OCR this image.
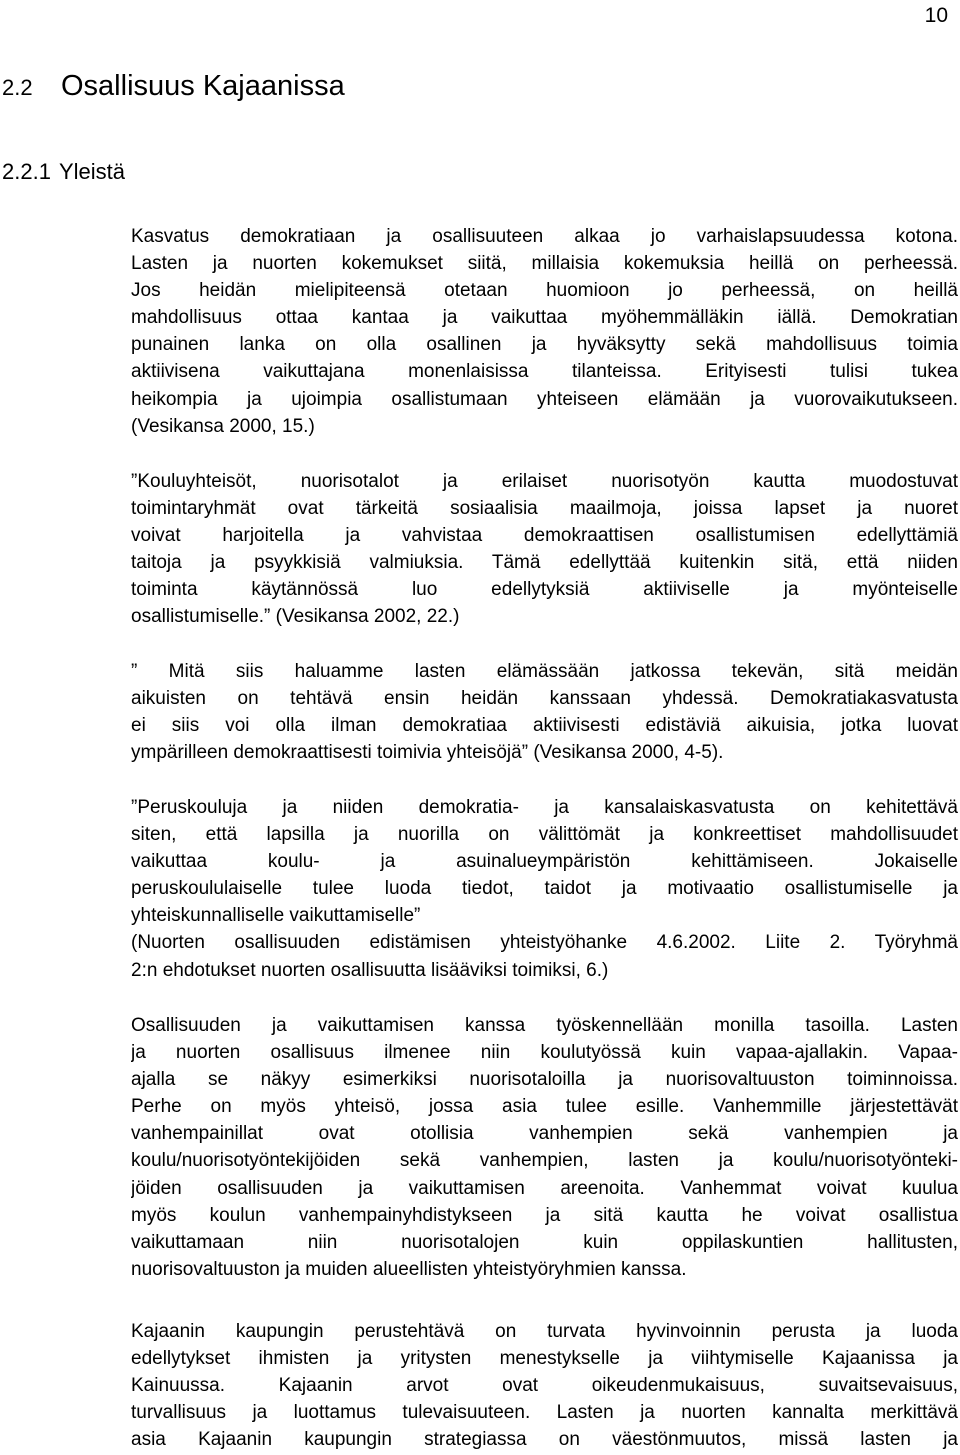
10
2.2 Osallisuus Kajaanissa
2.2.1 Yleistä
Kasvatus demokratiaan ja osallisuuteen alkaa jo varhaislapsuudessa kotona.
Lasten ja nuorten kokemukset siitä, millaisia kokemuksia heillä on perheessä.
Jos heidän mielipiteensä otetaan huomioon jo perheessä, on heillä
mahdollisuus ottaa kantaa ja vaikuttaa myöhemmälläkin iällä. Demokratian
punainen lanka on olla osallinen ja hyväksytty sekä mahdollisuus toimia
aktiivisena vaikuttajana monenlaisissa tilanteissa. Erityisesti tulisi tukea
heikompia ja ujoimpia osallistumaan yhteiseen elämään ja vuorovaikutukseen.
(Vesikansa 2000, 15.)
”Kouluyhteisöt, nuorisotalot ja erilaiset nuorisotyön kautta muodostuvat
toimintaryhmät ovat tärkeitä sosiaalisia maailmoja, joissa lapset ja nuoret
voivat harjoitella ja vahvistaa demokraattisen osallistumisen edellyttämiä
taitoja ja psyykkisiä valmiuksia. Tämä edellyttää kuitenkin sitä, että niiden
toiminta käytännössä luo edellytyksiä aktiiviselle ja myönteiselle
osallistumiselle.” (Vesikansa 2002, 22.)
” Mitä siis haluamme lasten elämässään jatkossa tekevän, sitä meidän
aikuisten on tehtävä ensin heidän kanssaan yhdessä. Demokratiakasvatusta
ei siis voi olla ilman demokratiaa aktiivisesti edistäviä aikuisia, jotka luovat
ympärilleen demokraattisesti toimivia yhteisöjä” (Vesikansa 2000, 4-5).
”Peruskouluja ja niiden demokratia- ja kansalaiskasvatusta on kehitettävä
siten, että lapsilla ja nuorilla on välittömät ja konkreettiset mahdollisuudet
vaikuttaa koulu- ja asuinalueympäristön kehittämiseen. Jokaiselle
peruskoululaiselle tulee luoda tiedot, taidot ja motivaatio osallistumiselle ja
yhteiskunnalliselle vaikuttamiselle”
(Nuorten osallisuuden edistämisen yhteistyöhanke 4.6.2002. Liite 2. Työryhmä
2:n ehdotukset nuorten osallisuutta lisääviksi toimiksi, 6.)
Osallisuuden ja vaikuttamisen kanssa työskennellään monilla tasoilla. Lasten
ja nuorten osallisuus ilmenee niin koulutyössä kuin vapaa-ajallakin. Vapaa-
ajalla se näkyy esimerkiksi nuorisotaloilla ja nuorisovaltuuston toiminnoissa.
Perhe on myös yhteisö, jossa asia tulee esille. Vanhemmille järjestettävät
vanhempainillat ovat otollisia vanhempien sekä vanhempien ja
koulu/nuorisotyöntekijöiden sekä vanhempien, lasten ja koulu/nuorisotyönteki-
jöiden osallisuuden ja vaikuttamisen areenoita. Vanhemmat voivat kuulua
myös koulun vanhempainyhdistykseen ja sitä kautta he voivat osallistua
vaikuttamaan niin nuorisotalojen kuin oppilaskuntien hallitusten,
nuorisovaltuuston ja muiden alueellisten yhteistyöryhmien kanssa.
Kajaanin kaupungin perustehtävä on turvata hyvinvoinnin perusta ja luoda
edellytykset ihmisten ja yritysten menestykselle ja viihtymiselle Kajaanissa ja
Kainuussa. Kajaanin arvot ovat oikeudenmukaisuus, suvaitsevaisuus,
turvallisuus ja luottamus tulevaisuuteen. Lasten ja nuorten kannalta merkittävä
asia Kajaanin kaupungin strategiassa on väestönmuutos, missä lasten ja
